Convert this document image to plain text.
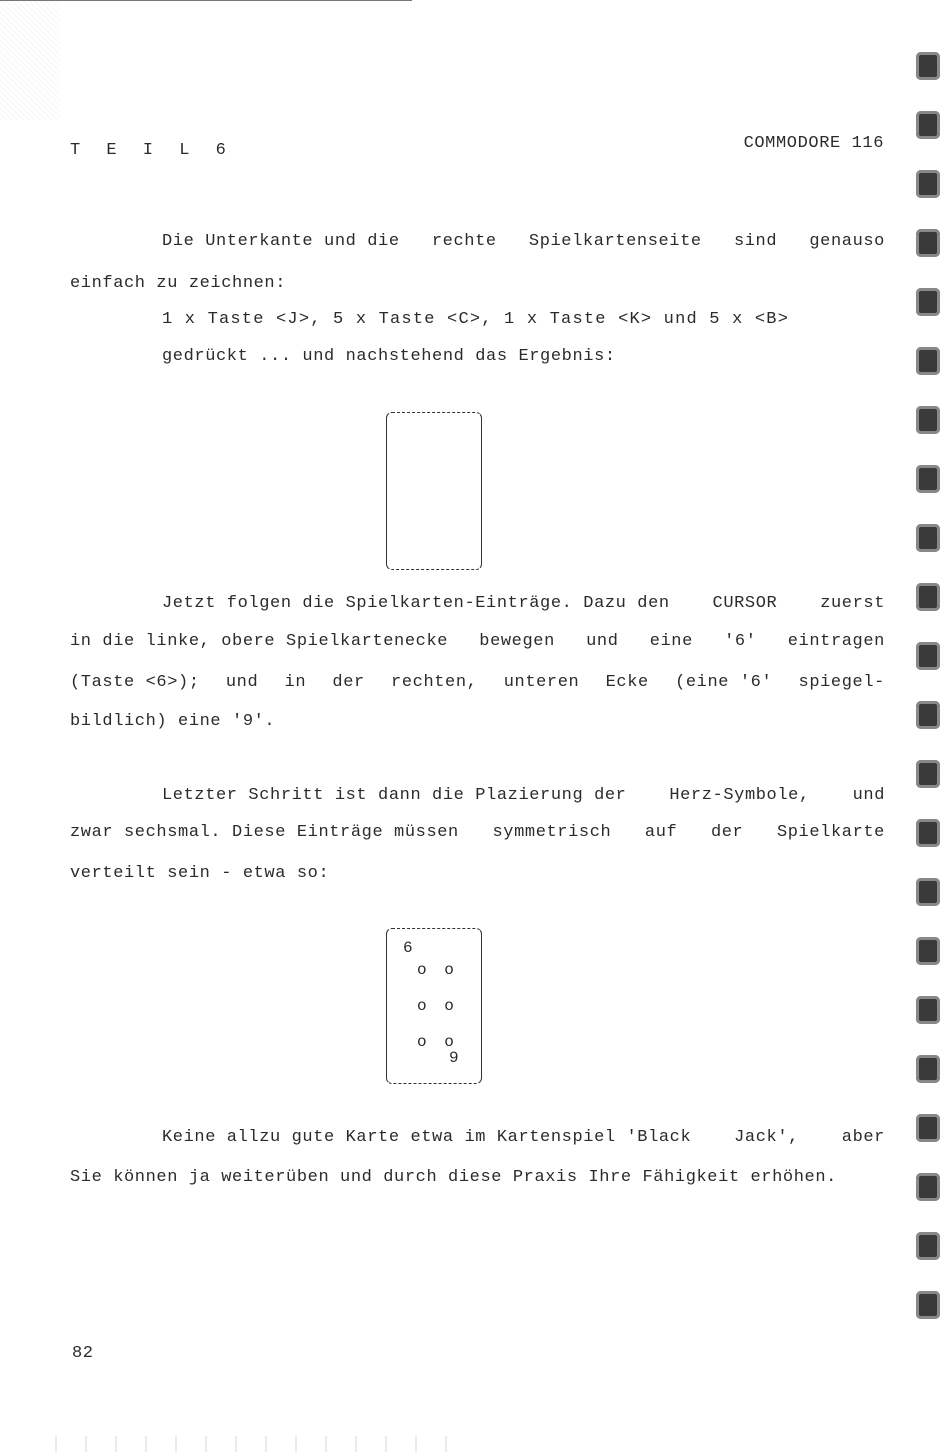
T E I L 6	COMMODORE 116
Die Unterkante und die rechte Spielkartenseite sind genauso
einfach zu zeichnen:
1 x Taste <J>, 5 x Taste <C>, 1 x Taste <K> und 5 x <B>
gedrückt ... und nachstehend das Ergebnis:
Jetzt folgen die Spielkarten-Einträge. Dazu den	CURSOR	zuerst
in die linke, obere Spielkartenecke bewegen und eine '6' eintragen
(Taste <6>); und in der rechten, unteren Ecke (eine '6' spiegel-
bildlich) eine '9'.
Letzter Schritt ist dann die Plazierung der	Herz-Symbole,	und
zwar sechsmal. Diese Einträge müssen symmetrisch auf der Spielkarte
verteilt sein - etwa so:
6
o o
o o
o o
9
Keine allzu gute Karte etwa im Kartenspiel 'Black	Jack',	aber
Sie können ja weiterüben und durch diese Praxis Ihre Fähigkeit erhöhen.
82
